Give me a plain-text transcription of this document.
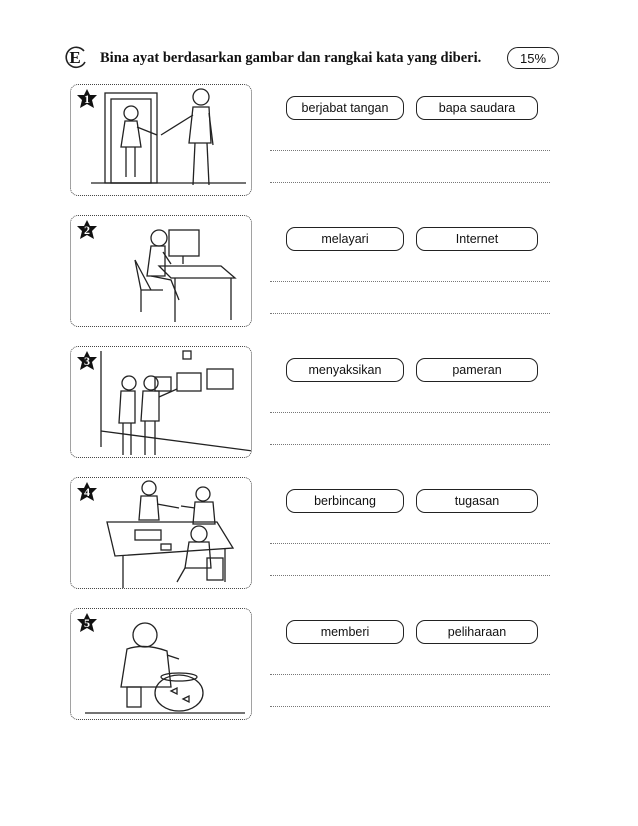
E Bina ayat berdasarkan gambar dan rangkai kata yang diberi.	15%
1
berjabat tangan	bapa saudara
2
melayari	Internet
3
menyaksikan	pameran
4
berbincang	tugasan
5
memberi	peliharaan
